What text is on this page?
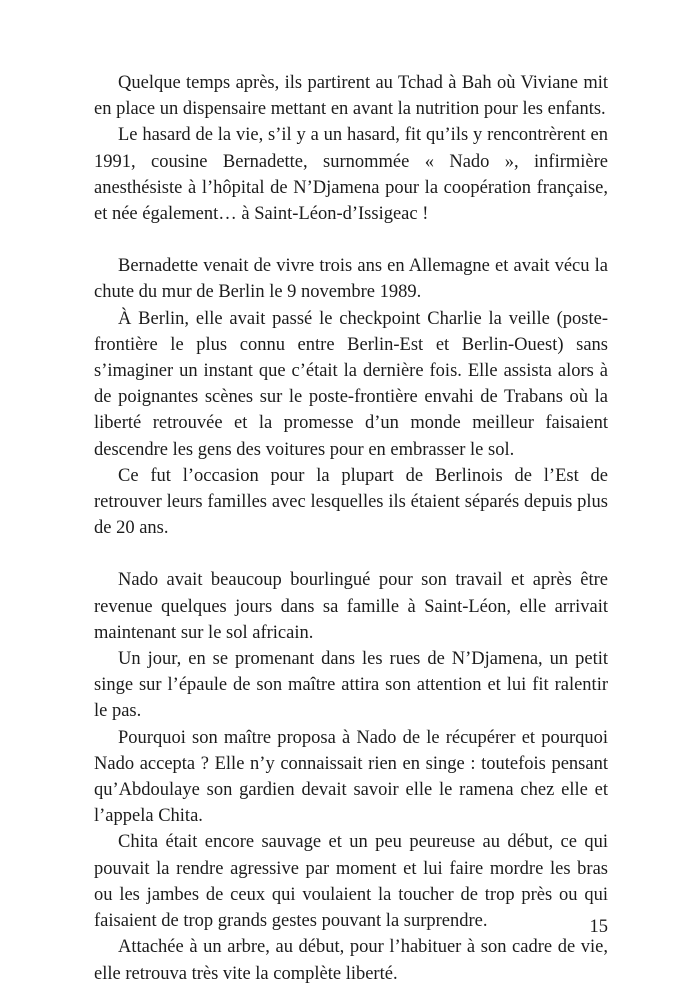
Quelque temps après, ils partirent au Tchad à Bah où Viviane mit en place un dispensaire mettant en avant la nutrition pour les enfants.

Le hasard de la vie, s’il y a un hasard, fit qu’ils y rencontrèrent en 1991, cousine Bernadette, surnommée « Nado », infirmière anesthésiste à l’hôpital de N’Djamena pour la coopération française, et née également… à Saint-Léon-d’Issigeac !

Bernadette venait de vivre trois ans en Allemagne et avait vécu la chute du mur de Berlin le 9 novembre 1989.

À Berlin, elle avait passé le checkpoint Charlie la veille (poste-frontière le plus connu entre Berlin-Est et Berlin-Ouest) sans s’imaginer un instant que c’était la dernière fois. Elle assista alors à de poignantes scènes sur le poste-frontière envahi de Trabans où la liberté retrouvée et la promesse d’un monde meilleur faisaient descendre les gens des voitures pour en embrasser le sol.

Ce fut l’occasion pour la plupart de Berlinois de l’Est de retrouver leurs familles avec lesquelles ils étaient séparés depuis plus de 20 ans.

Nado avait beaucoup bourlingué pour son travail et après être revenue quelques jours dans sa famille à Saint-Léon, elle arrivait maintenant sur le sol africain.

Un jour, en se promenant dans les rues de N’Djamena, un petit singe sur l’épaule de son maître attira son attention et lui fit ralentir le pas.

Pourquoi son maître proposa à Nado de le récupérer et pourquoi Nado accepta ? Elle n’y connaissait rien en singe : toutefois pensant qu’Abdoulaye son gardien devait savoir elle le ramena chez elle et l’appela Chita.

Chita était encore sauvage et un peu peureuse au début, ce qui pouvait la rendre agressive par moment et lui faire mordre les bras ou les jambes de ceux qui voulaient la toucher de trop près ou qui faisaient de trop grands gestes pouvant la surprendre.

Attachée à un arbre, au début, pour l’habituer à son cadre de vie, elle retrouva très vite la complète liberté.

15
